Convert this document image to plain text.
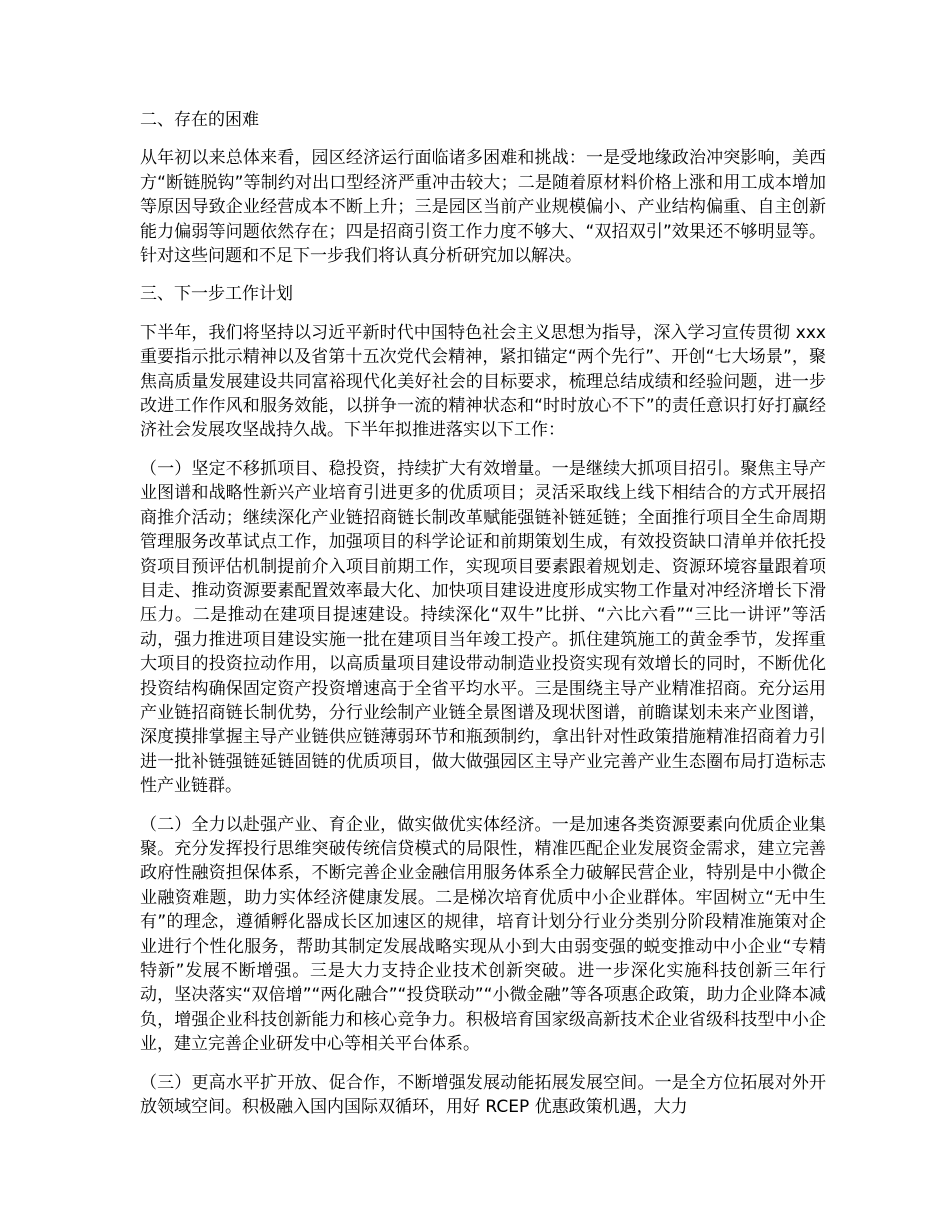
二、存在的困难
从年初以来总体来看，园区经济运行面临诸多困难和挑战：一是受地缘政治冲突影响，美西方“断链脱钩”等制约对出口型经济严重冲击较大；二是随着原材料价格上涨和用工成本增加等原因导致企业经营成本不断上升；三是园区当前产业规模偏小、产业结构偏重、自主创新能力偏弱等问题依然存在；四是招商引资工作力度不够大、“双招双引”效果还不够明显等。针对这些问题和不足下一步我们将认真分析研究加以解决。
三、下一步工作计划
下半年，我们将坚持以习近平新时代中国特色社会主义思想为指导，深入学习宣传贯彻 xxx 重要指示批示精神以及省第十五次党代会精神，紧扣锚定“两个先行”、开创“七大场景”，聚焦高质量发展建设共同富裕现代化美好社会的目标要求，梳理总结成绩和经验问题，进一步改进工作作风和服务效能，以拼争一流的精神状态和“时时放心不下”的责任意识打好打赢经济社会发展攻坚战持久战。下半年拟推进落实以下工作：
（一）坚定不移抓项目、稳投资，持续扩大有效增量。一是继续大抓项目招引。聚焦主导产业图谱和战略性新兴产业培育引进更多的优质项目；灵活采取线上线下相结合的方式开展招商推介活动；继续深化产业链招商链长制改革赋能强链补链延链；全面推行项目全生命周期管理服务改革试点工作，加强项目的科学论证和前期策划生成，有效投资缺口清单并依托投资项目预评估机制提前介入项目前期工作，实现项目要素跟着规划走、资源环境容量跟着项目走、推动资源要素配置效率最大化、加快项目建设进度形成实物工作量对冲经济增长下滑压力。二是推动在建项目提速建设。持续深化“双牛”比拼、“六比六看”“三比一讲评”等活动，强力推进项目建设实施一批在建项目当年竣工投产。抓住建筑施工的黄金季节，发挥重大项目的投资拉动作用，以高质量项目建设带动制造业投资实现有效增长的同时，不断优化投资结构确保固定资产投资增速高于全省平均水平。三是围绕主导产业精准招商。充分运用产业链招商链长制优势，分行业绘制产业链全景图谱及现状图谱，前瞻谋划未来产业图谱，深度摸排掌握主导产业链供应链薄弱环节和瓶颈制约，拿出针对性政策措施精准招商着力引进一批补链强链延链固链的优质项目，做大做强园区主导产业完善产业生态圈布局打造标志性产业链群。
（二）全力以赴强产业、育企业，做实做优实体经济。一是加速各类资源要素向优质企业集聚。充分发挥投行思维突破传统信贷模式的局限性，精准匹配企业发展资金需求，建立完善政府性融资担保体系，不断完善企业金融信用服务体系全力破解民营企业，特别是中小微企业融资难题，助力实体经济健康发展。二是梯次培育优质中小企业群体。牢固树立“无中生有”的理念，遵循孵化器成长区加速区的规律，培育计划分行业分类别分阶段精准施策对企业进行个性化服务，帮助其制定发展战略实现从小到大由弱变强的蜕变推动中小企业“专精特新”发展不断增强。三是大力支持企业技术创新突破。进一步深化实施科技创新三年行动，坚决落实“双倍增”“两化融合”“投贷联动”“小微金融”等各项惠企政策，助力企业降本减负，增强企业科技创新能力和核心竞争力。积极培育国家级高新技术企业省级科技型中小企业，建立完善企业研发中心等相关平台体系。
（三）更高水平扩开放、促合作，不断增强发展动能拓展发展空间。一是全方位拓展对外开放领域空间。积极融入国内国际双循环，用好 RCEP 优惠政策机遇，大力
